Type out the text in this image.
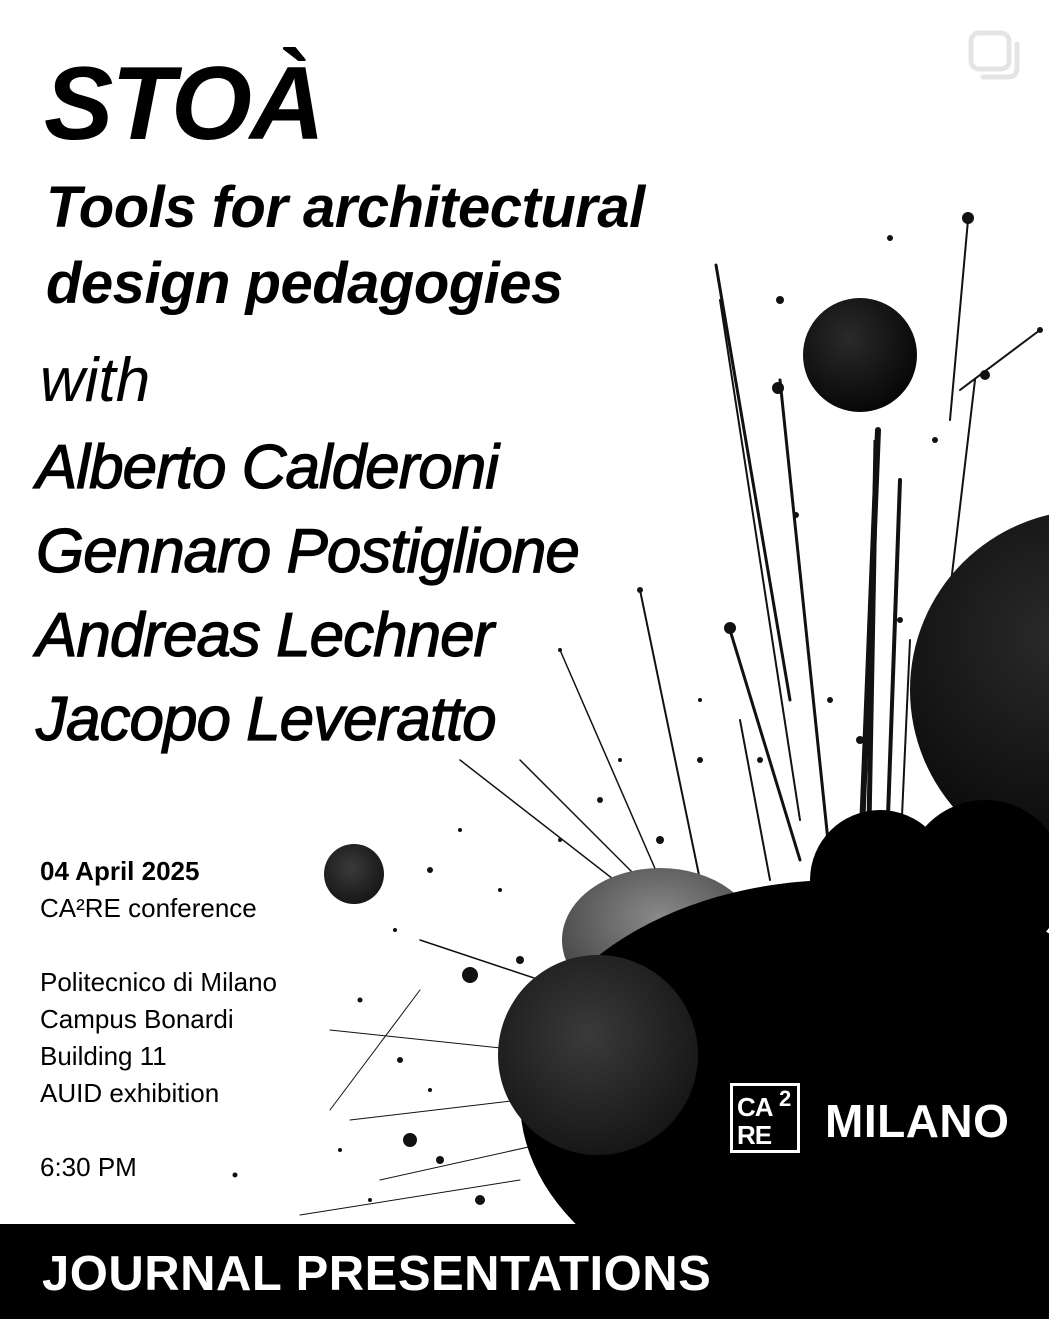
STOÀ
Tools for architectural
design pedagogies
with
Alberto Calderoni
Gennaro Postiglione
Andreas Lechner
Jacopo Leveratto
04 April 2025
CA²RE conference
Politecnico di Milano
Campus Bonardi
Building 11
AUID exhibition
6:30 PM
CA 2
RE MILANO
JOURNAL PRESENTATIONS
